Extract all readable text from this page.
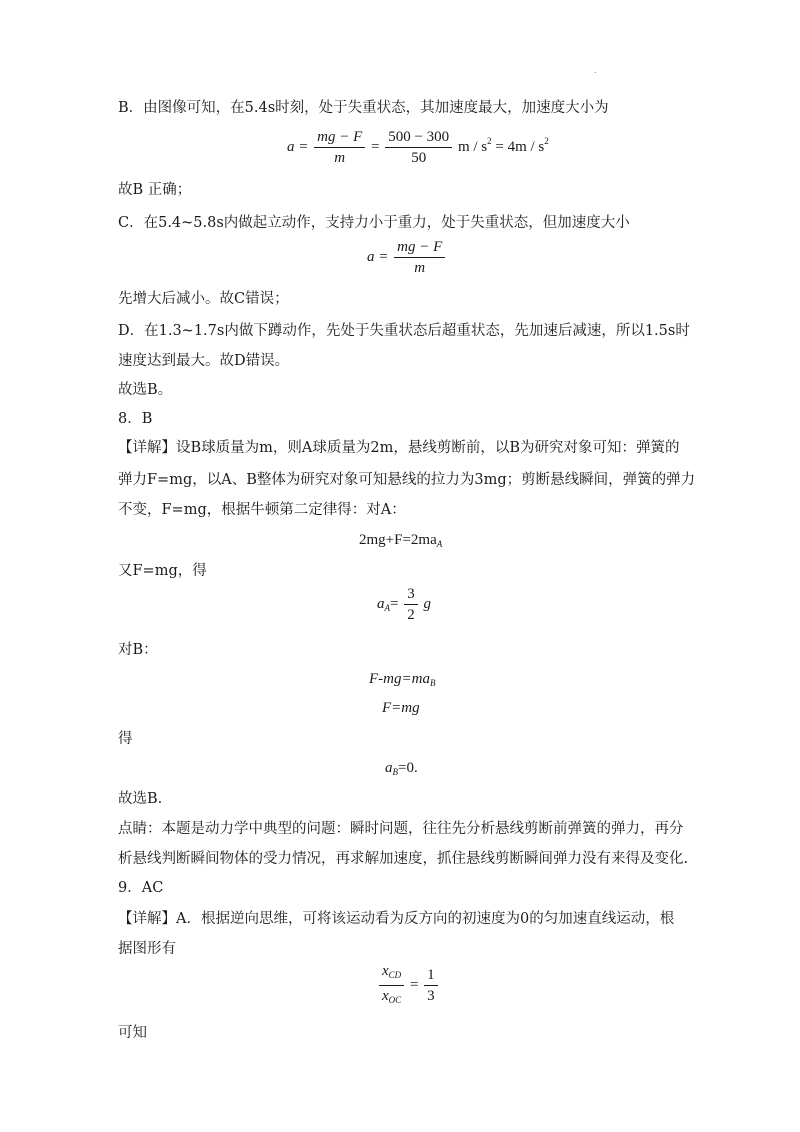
.
B．由图像可知，在5.4s时刻，处于失重状态，其加速度最大，加速度大小为
$a = \frac{mg - F}{m} = \frac{500 - 300}{50}$ $m / s^2 = 4m / s^2$
故B 正确；
C．在5.4~5.8s内做起立动作，支持力小于重力，处于失重状态，但加速度大小
$a = \frac{mg - F}{m}$
先增大后减小。故C错误；
D．在1.3~1.7s内做下蹲动作，先处于失重状态后超重状态，先加速后减速，所以1.5s时
速度达到最大。故D错误。
故选B。
8．B
【详解】设B球质量为m，则A球质量为2m，悬线剪断前，以B为研究对象可知：弹簧的
弹力F=mg，以A、B整体为研究对象可知悬线的拉力为3mg；剪断悬线瞬间，弹簧的弹力
不变，F=mg，根据牛顿第二定律得：对A：
$2mg+F=2ma_A$
又F=mg，得
$a_A= \frac{3}{2}$ g
对B：
$F-mg=ma_B$
F=mg
得
$a_B=0$.
故选B.
点睛：本题是动力学中典型的问题：瞬时问题，往往先分析悬线剪断前弹簧的弹力，再分
析悬线判断瞬间物体的受力情况，再求解加速度，抓住悬线剪断瞬间弹力没有来得及变化.
9．AC
【详解】A．根据逆向思维，可将该运动看为反方向的初速度为0的匀加速直线运动，根
据图形有
$\frac{x_{CD}}{x_{OC}} = \frac{1}{3}$
可知
